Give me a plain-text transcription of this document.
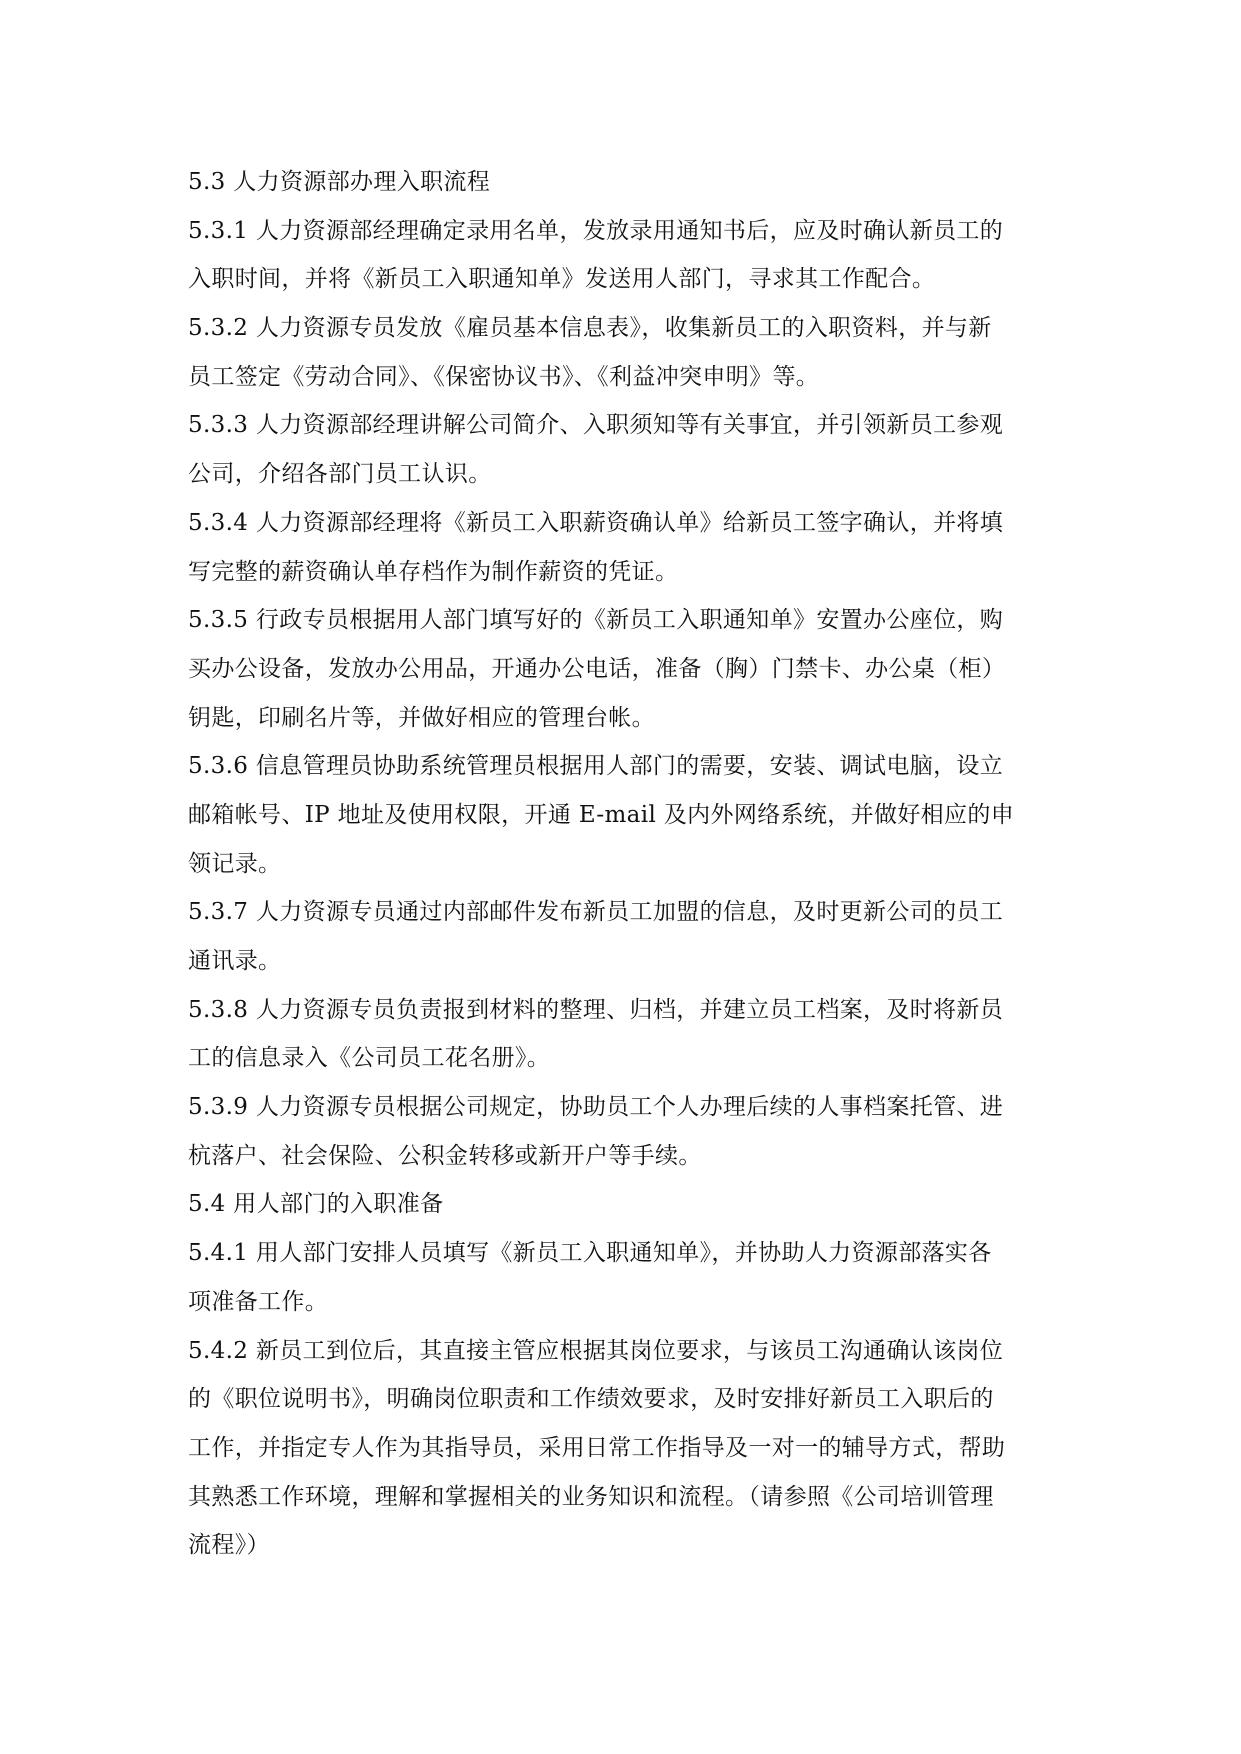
5.3 人力资源部办理入职流程
5.3.1 人力资源部经理确定录用名单，发放录用通知书后，应及时确认新员工的
入职时间，并将《新员工入职通知单》发送用人部门，寻求其工作配合。
5.3.2 人力资源专员发放《雇员基本信息表》，收集新员工的入职资料，并与新
员工签定《劳动合同》、《保密协议书》、《利益冲突申明》等。
5.3.3 人力资源部经理讲解公司简介、入职须知等有关事宜，并引领新员工参观
公司，介绍各部门员工认识。
5.3.4 人力资源部经理将《新员工入职薪资确认单》给新员工签字确认，并将填
写完整的薪资确认单存档作为制作薪资的凭证。
5.3.5 行政专员根据用人部门填写好的《新员工入职通知单》安置办公座位，购
买办公设备，发放办公用品，开通办公电话，准备（胸）门禁卡、办公桌（柜）
钥匙，印刷名片等，并做好相应的管理台帐。
5.3.6 信息管理员协助系统管理员根据用人部门的需要，安装、调试电脑，设立
邮箱帐号、IP 地址及使用权限，开通 E-mail 及内外网络系统，并做好相应的申
领记录。
5.3.7 人力资源专员通过内部邮件发布新员工加盟的信息，及时更新公司的员工
通讯录。
5.3.8 人力资源专员负责报到材料的整理、归档，并建立员工档案，及时将新员
工的信息录入《公司员工花名册》。
5.3.9 人力资源专员根据公司规定，协助员工个人办理后续的人事档案托管、进
杭落户、社会保险、公积金转移或新开户等手续。
5.4 用人部门的入职准备
5.4.1 用人部门安排人员填写《新员工入职通知单》，并协助人力资源部落实各
项准备工作。
5.4.2 新员工到位后，其直接主管应根据其岗位要求，与该员工沟通确认该岗位
的《职位说明书》，明确岗位职责和工作绩效要求，及时安排好新员工入职后的
工作，并指定专人作为其指导员，采用日常工作指导及一对一的辅导方式，帮助
其熟悉工作环境，理解和掌握相关的业务知识和流程。（请参照《公司培训管理
流程》）
